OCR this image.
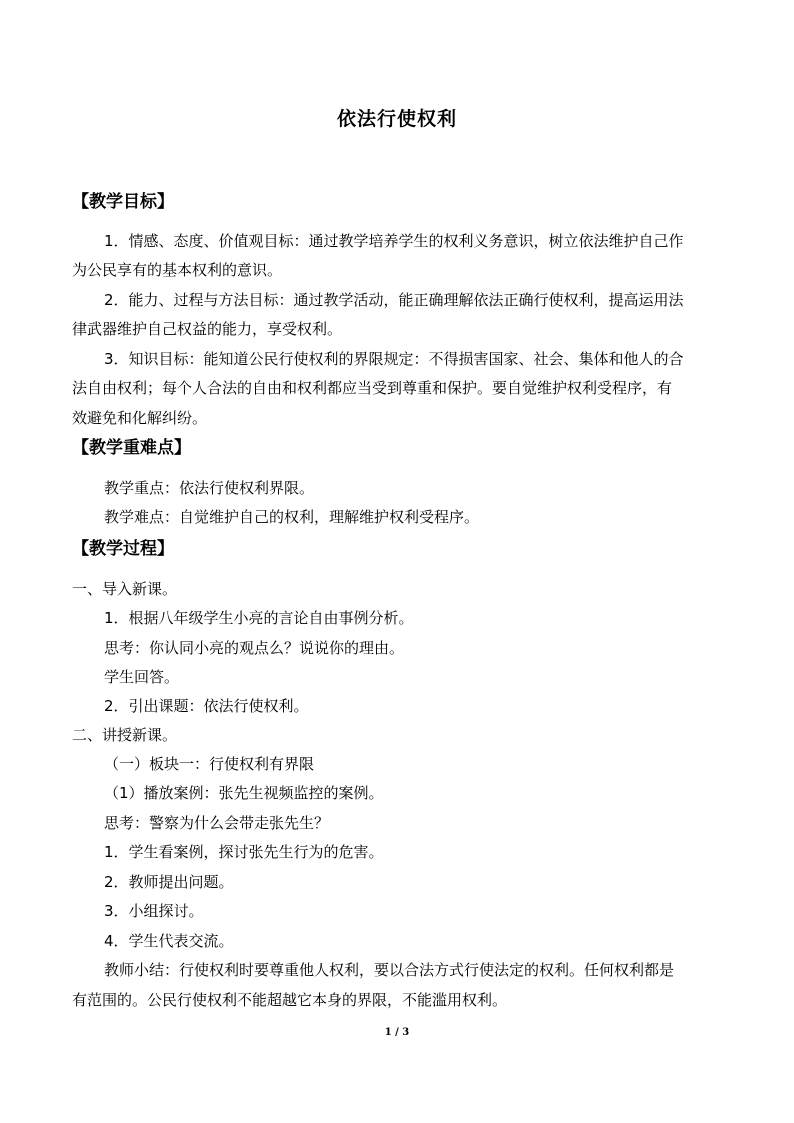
依法行使权利
【教学目标】
1．情感、态度、价值观目标：通过教学培养学生的权利义务意识，树立依法维护自己作
为公民享有的基本权利的意识。
2．能力、过程与方法目标：通过教学活动，能正确理解依法正确行使权利，提高运用法
律武器维护自己权益的能力，享受权利。
3．知识目标：能知道公民行使权利的界限规定：不得损害国家、社会、集体和他人的合
法自由权利；每个人合法的自由和权利都应当受到尊重和保护。要自觉维护权利受程序，有
效避免和化解纠纷。
【教学重难点】
教学重点：依法行使权利界限。
教学难点：自觉维护自己的权利，理解维护权利受程序。
【教学过程】
一、导入新课。
1．根据八年级学生小亮的言论自由事例分析。
思考：你认同小亮的观点么？说说你的理由。
学生回答。
2．引出课题：依法行使权利。
二、讲授新课。
（一）板块一：行使权利有界限
（1）播放案例：张先生视频监控的案例。
思考：警察为什么会带走张先生？
1．学生看案例，探讨张先生行为的危害。
2．教师提出问题。
3．小组探讨。
4．学生代表交流。
教师小结：行使权利时要尊重他人权利，要以合法方式行使法定的权利。任何权利都是
有范围的。公民行使权利不能超越它本身的界限，不能滥用权利。
1 / 3
